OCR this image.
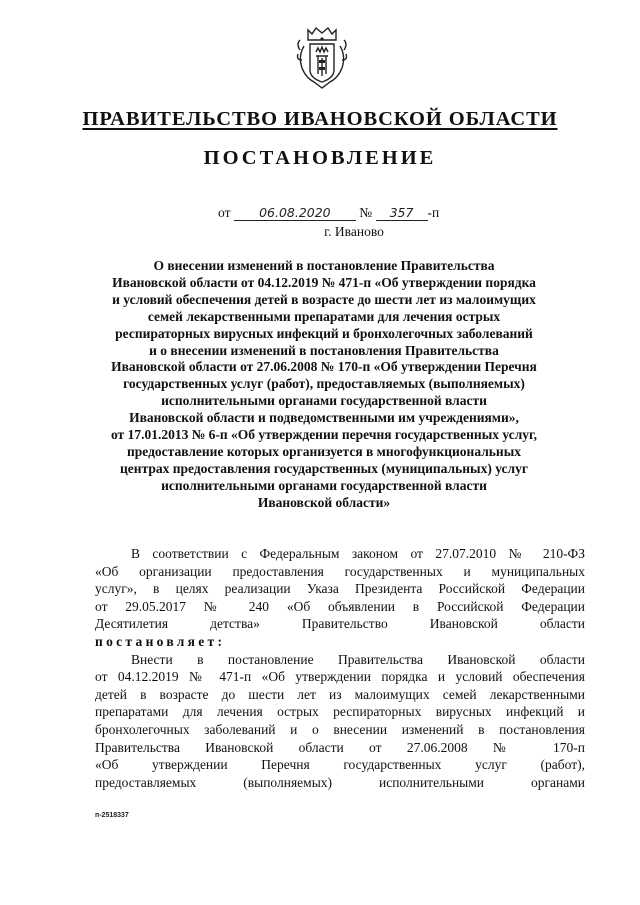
ПРАВИТЕЛЬСТВО ИВАНОВСКОЙ ОБЛАСТИ
ПОСТАНОВЛЕНИЕ
от 06.08.2020 № 357 -п
г. Иваново
О внесении изменений в постановление Правительства
Ивановской области от 04.12.2019 № 471-п «Об утверждении порядка
и условий обеспечения детей в возрасте до шести лет из малоимущих
семей лекарственными препаратами для лечения острых
респираторных вирусных инфекций и бронхолегочных заболеваний
и о внесении изменений в постановления Правительства
Ивановской области от 27.06.2008 № 170-п «Об утверждении Перечня
государственных услуг (работ), предоставляемых (выполняемых)
исполнительными органами государственной власти
Ивановской области и подведомственными им учреждениями»,
от 17.01.2013 № 6-п «Об утверждении перечня государственных услуг,
предоставление которых организуется в многофункциональных
центрах предоставления государственных (муниципальных) услуг
исполнительными органами государственной власти
Ивановской области»

В соответствии с Федеральным законом от 27.07.2010 № 210-ФЗ

«Об организации предоставления государственных и муниципальных

услуг», в целях реализации Указа Президента Российской Федерации

от 29.05.2017 № 240 «Об объявлении в Российской Федерации

Десятилетия детства» Правительство Ивановской области

постановляет:

Внести в постановление Правительства Ивановской области

от 04.12.2019 № 471-п «Об утверждении порядка и условий обеспечения

детей в возрасте до шести лет из малоимущих семей лекарственными

препаратами для лечения острых респираторных вирусных инфекций и

бронхолегочных заболеваний и о внесении изменений в постановления

Правительства Ивановской области от 27.06.2008 № 170-п

«Об утверждении Перечня государственных услуг (работ),

предоставляемых (выполняемых) исполнительными органами

п-2518337
